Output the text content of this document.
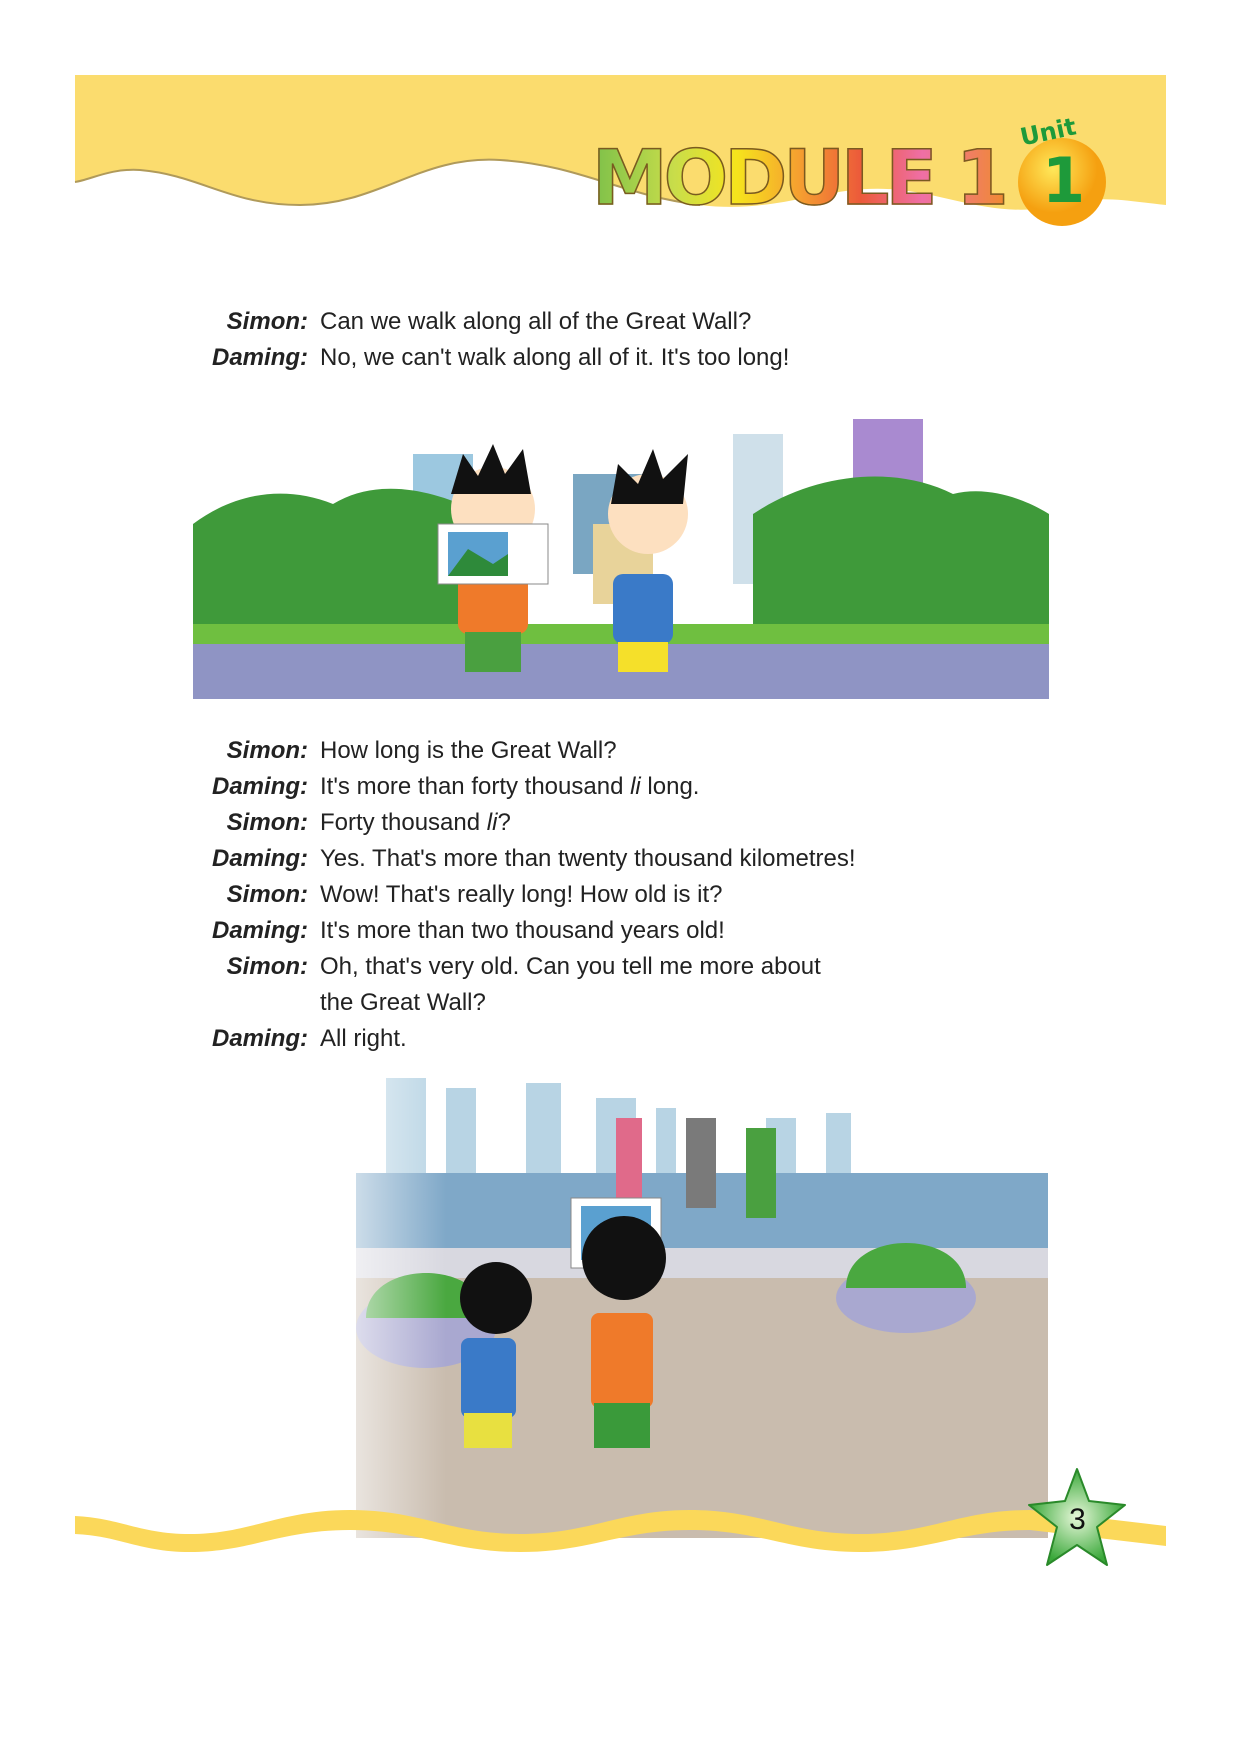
MODULE 1
Unit
1
Simon: Can we walk along all of the Great Wall?
Daming: No, we can't walk along all of it. It's too long!
Simon: How long is the Great Wall?
Daming: It's more than forty thousand li long.
Simon: Forty thousand li?
Daming: Yes. That's more than twenty thousand kilometres!
Simon: Wow! That's really long! How old is it?
Daming: It's more than two thousand years old!
Simon: Oh, that's very old. Can you tell me more about
the Great Wall?
Daming: All right.
3
